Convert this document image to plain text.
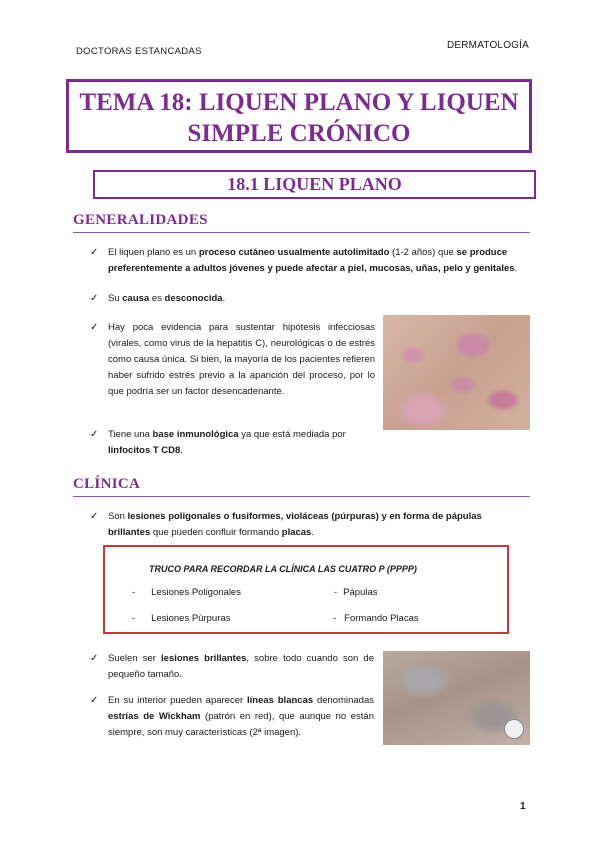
DOCTORAS ESTANCADAS
DERMATOLOGÍA
TEMA 18: LIQUEN PLANO Y LIQUEN
SIMPLE CRÓNICO
18.1 LIQUEN PLANO
GENERALIDADES
✓ El liquen plano es un proceso cutáneo usualmente autolimitado (1-2 años) que se produce preferentemente a adultos jóvenes y puede afectar a piel, mucosas, uñas, pelo y genitales.
✓ Su causa es desconocida.
✓ Hay poca evidencia para sustentar hipótesis infecciosas (virales, como virus de la hepatitis C), neurológicas o de estrés como causa única. Si bien, la mayoría de los pacientes refieren haber sufrido estrés previo a la aparición del proceso, por lo que podría ser un factor desencadenante.
✓ Tiene una base inmunológica ya que está mediada por linfocitos T CD8.
CLÍNICA
✓ Son lesiones poligonales o fusiformes, violáceas (púrpuras) y en forma de pápulas brillantes que pueden confluir formando placas.
TRUCO PARA RECORDAR LA CLÍNICA LAS CUATRO P (PPPP)
- Lesiones Poligonales	- Pápulas
- Lesiones Púrpuras	- Formando Placas
✓ Suelen ser lesiones brillantes, sobre todo cuando son de pequeño tamaño.
✓ En su interior pueden aparecer líneas blancas denominadas estrías de Wickham (patrón en red), que aunque no están siempre, son muy características (2ª imagen).
1
